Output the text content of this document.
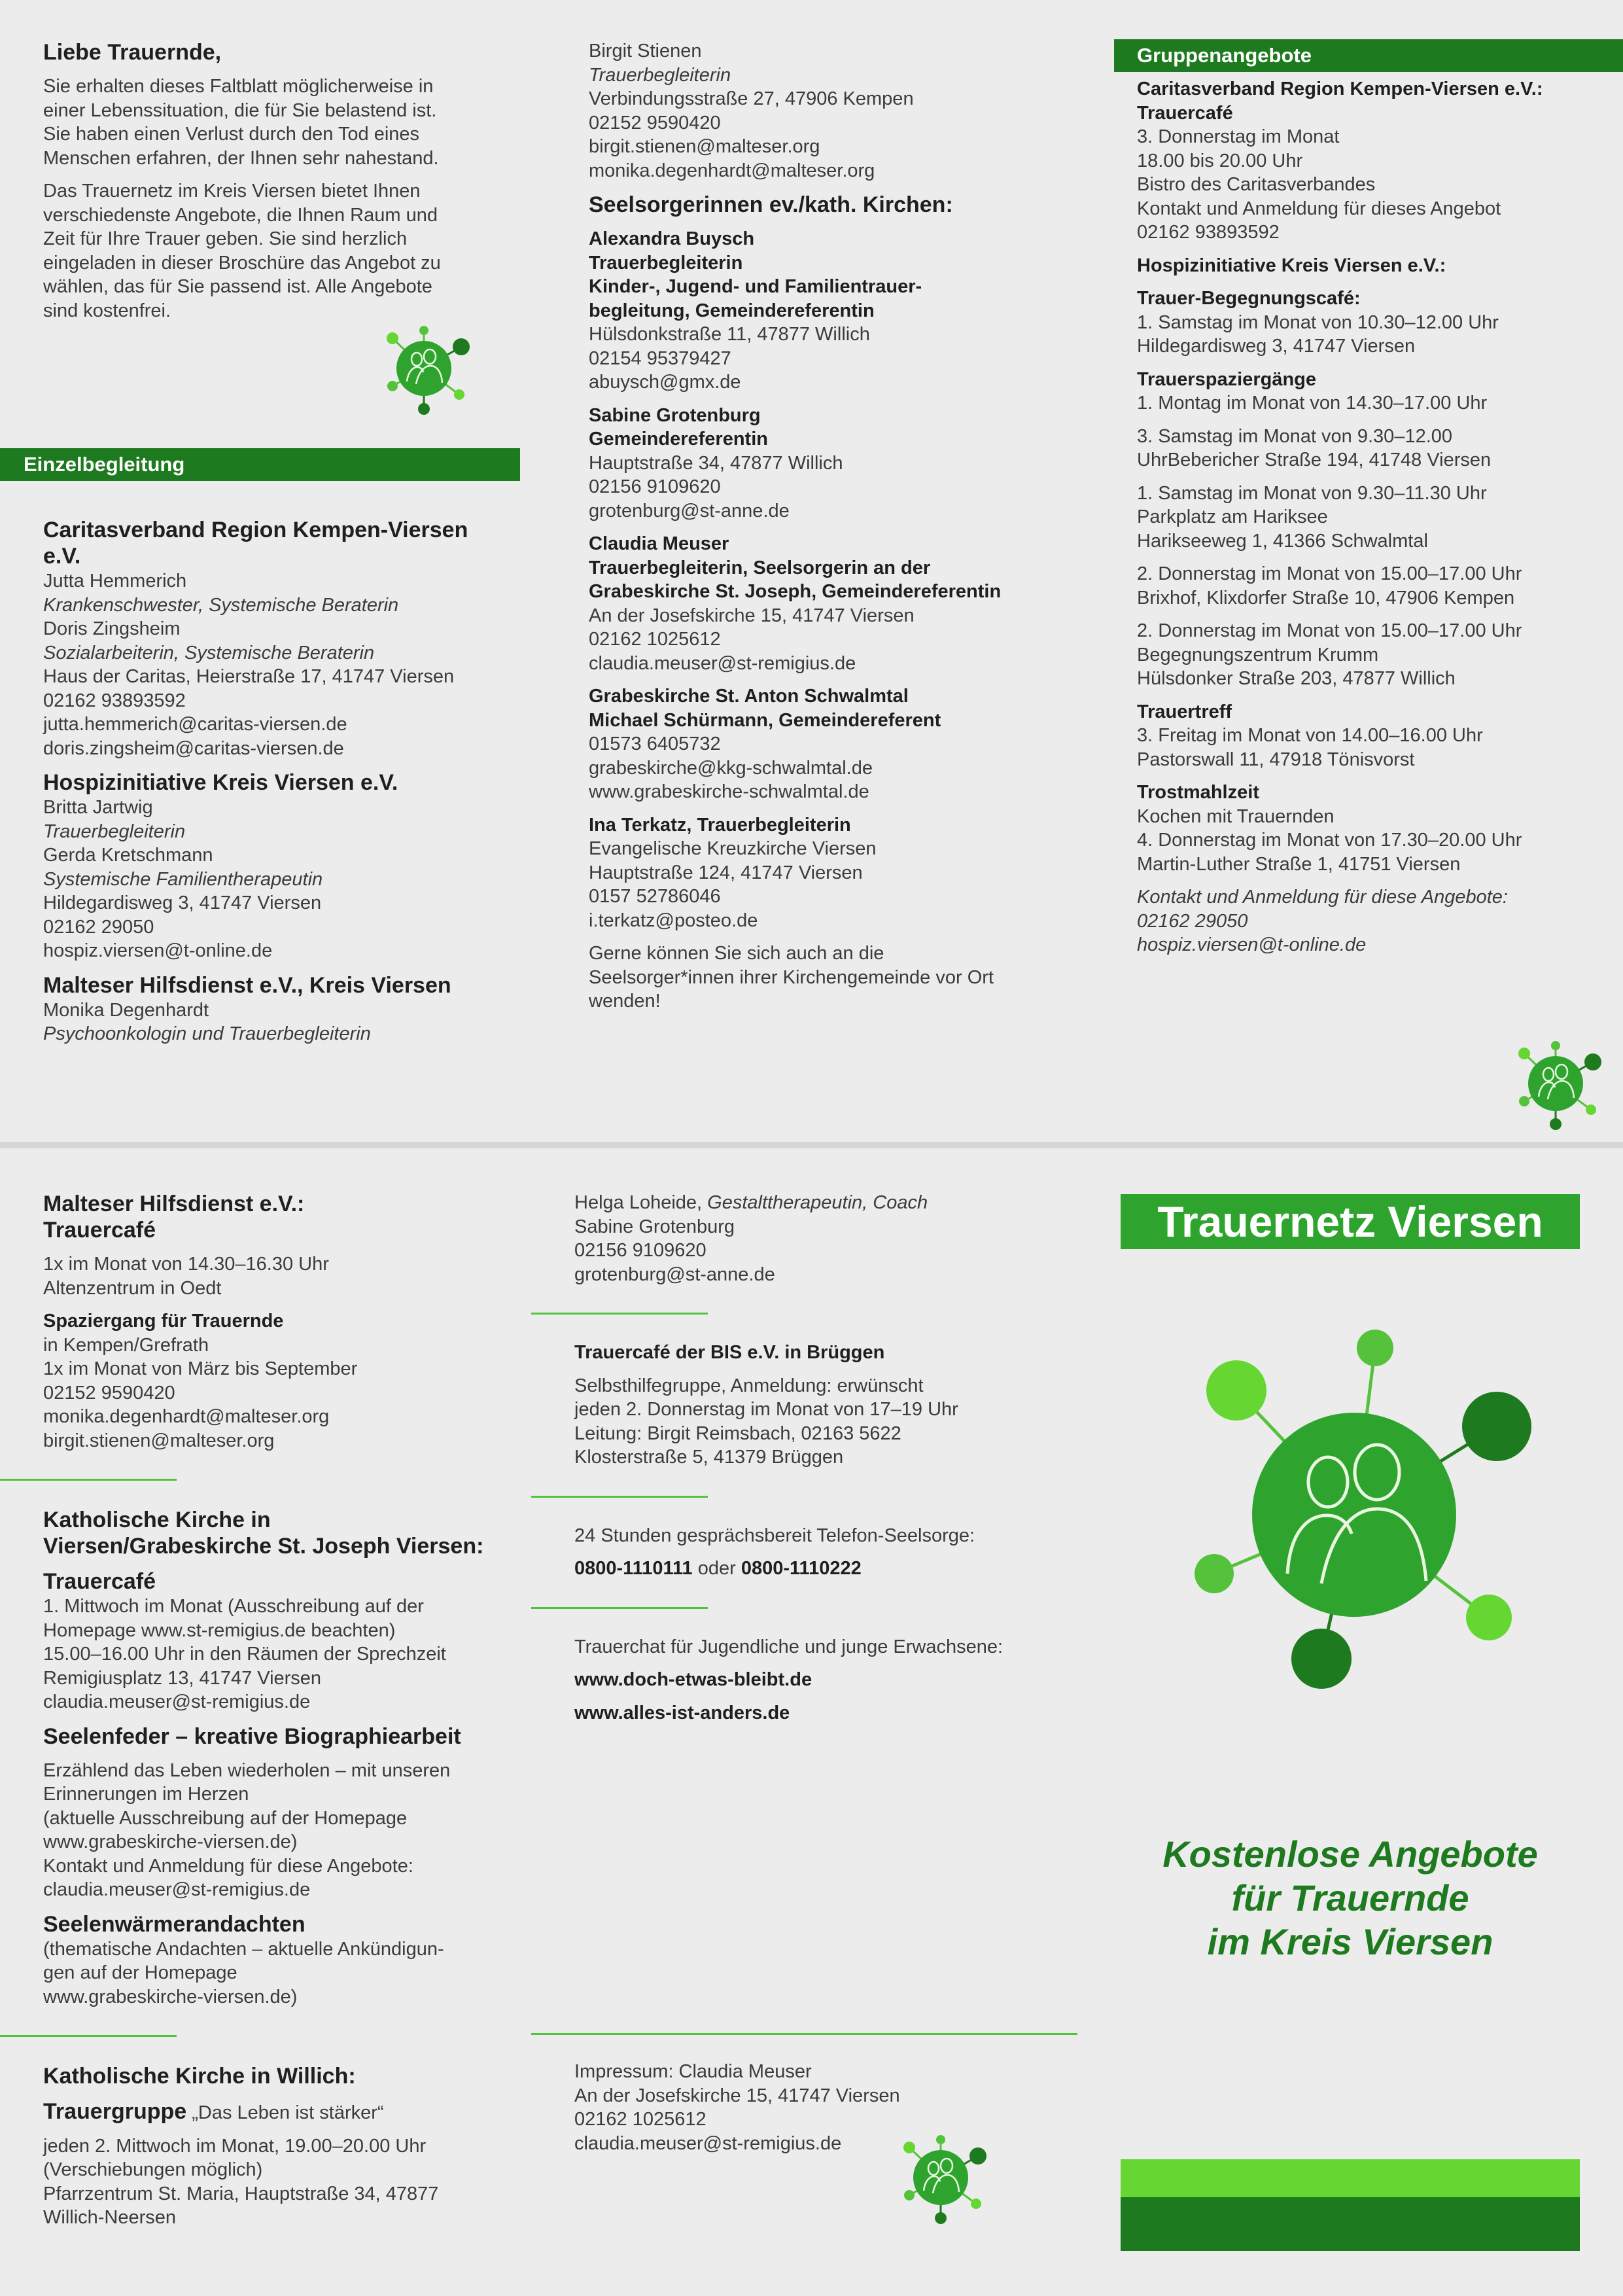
Liebe Trauernde,

Sie erhalten dieses Faltblatt möglicherweise in

einer Lebenssituation, die für Sie belastend ist.

Sie haben einen Verlust durch den Tod eines

Menschen erfahren, der Ihnen sehr nahestand.

Das Trauernetz im Kreis Viersen bietet Ihnen

verschiedenste Angebote, die Ihnen Raum und

Zeit für Ihre Trauer geben. Sie sind herzlich

eingeladen in dieser Broschüre das Angebot zu

wählen, das für Sie passend ist. Alle Angebote

sind kostenfrei.

Einzelbegleitung

Caritasverband Region Kempen-Viersen

e.V.

Jutta Hemmerich

Krankenschwester, Systemische Beraterin

Doris Zingsheim

Sozialarbeiterin, Systemische Beraterin

Haus der Caritas, Heierstraße 17, 41747 Viersen

02162 93893592

jutta.hemmerich@caritas-viersen.de

doris.zingsheim@caritas-viersen.de

Hospizinitiative Kreis Viersen e.V.

Britta Jartwig

Trauerbegleiterin

Gerda Kretschmann

Systemische Familientherapeutin

Hildegardisweg 3, 41747 Viersen

02162 29050

hospiz.viersen@t-online.de

Malteser Hilfsdienst e.V., Kreis Viersen

Monika Degenhardt

Psychoonkologin und Trauerbegleiterin

Birgit Stienen

Trauerbegleiterin

Verbindungsstraße 27, 47906 Kempen

02152 9590420

birgit.stienen@malteser.org

monika.degenhardt@malteser.org

Seelsorgerinnen ev./kath. Kirchen:

Alexandra Buysch

Trauerbegleiterin

Kinder-, Jugend- und Familientrauer-

begleitung, Gemeindereferentin

Hülsdonkstraße 11, 47877 Willich

02154 95379427

abuysch@gmx.de

Sabine Grotenburg

Gemeindereferentin

Hauptstraße 34, 47877 Willich

02156 9109620

grotenburg@st-anne.de

Claudia Meuser

Trauerbegleiterin, Seelsorgerin an der

Grabeskirche St. Joseph, Gemeindereferentin

An der Josefskirche 15, 41747 Viersen

02162 1025612

claudia.meuser@st-remigius.de

Grabeskirche St. Anton Schwalmtal

Michael Schürmann, Gemeindereferent

01573 6405732

grabeskirche@kkg-schwalmtal.de

www.grabeskirche-schwalmtal.de

Ina Terkatz, Trauerbegleiterin

Evangelische Kreuzkirche Viersen

Hauptstraße 124, 41747 Viersen

0157 52786046

i.terkatz@posteo.de

Gerne können Sie sich auch an die

Seelsorger*innen ihrer Kirchengemeinde vor Ort

wenden!

Gruppenangebote

Caritasverband Region Kempen-Viersen e.V.:

Trauercafé

3. Donnerstag im Monat

18.00 bis 20.00 Uhr

Bistro des Caritasverbandes

Kontakt und Anmeldung für dieses Angebot

02162 93893592

Hospizinitiative Kreis Viersen e.V.:

Trauer-Begegnungscafé:

1. Samstag im Monat von 10.30–12.00 Uhr

Hildegardisweg 3, 41747 Viersen

Trauerspaziergänge

1. Montag im Monat von 14.30–17.00 Uhr

3. Samstag im Monat von 9.30–12.00

UhrBebericher Straße 194, 41748 Viersen

1. Samstag im Monat von 9.30–11.30 Uhr

Parkplatz am Hariksee

Harikseeweg 1, 41366 Schwalmtal

2. Donnerstag im Monat von 15.00–17.00 Uhr

Brixhof, Klixdorfer Straße 10, 47906 Kempen

2. Donnerstag im Monat von 15.00–17.00 Uhr

Begegnungszentrum Krumm

Hülsdonker Straße 203, 47877 Willich

Trauertreff

3. Freitag im Monat von 14.00–16.00 Uhr

Pastorswall 11, 47918 Tönisvorst

Trostmahlzeit

Kochen mit Trauernden

4. Donnerstag im Monat von 17.30–20.00 Uhr

Martin-Luther Straße 1, 41751 Viersen

Kontakt und Anmeldung für diese Angebote:

02162 29050

hospiz.viersen@t-online.de

Malteser Hilfsdienst e.V.:

Trauercafé

1x im Monat von 14.30–16.30 Uhr

Altenzentrum in Oedt

Spaziergang für Trauernde

in Kempen/Grefrath

1x im Monat von März bis September

02152 9590420

monika.degenhardt@malteser.org

birgit.stienen@malteser.org

Katholische Kirche in

Viersen/Grabeskirche St. Joseph Viersen:

Trauercafé

1. Mittwoch im Monat (Ausschreibung auf der

Homepage www.st-remigius.de beachten)

15.00–16.00 Uhr in den Räumen der Sprechzeit

Remigiusplatz 13, 41747 Viersen

claudia.meuser@st-remigius.de

Seelenfeder – kreative Biographiearbeit

Erzählend das Leben wiederholen – mit unseren

Erinnerungen im Herzen

(aktuelle Ausschreibung auf der Homepage

www.grabeskirche-viersen.de)

Kontakt und Anmeldung für diese Angebote:

claudia.meuser@st-remigius.de

Seelenwärmerandachten

(thematische Andachten – aktuelle Ankündigun-

gen auf der Homepage

www.grabeskirche-viersen.de)

Katholische Kirche in Willich:

Trauergruppe „Das Leben ist stärker“

jeden 2. Mittwoch im Monat, 19.00–20.00 Uhr

(Verschiebungen möglich)

Pfarrzentrum St. Maria, Hauptstraße 34, 47877

Willich-Neersen

Helga Loheide, Gestalttherapeutin, Coach

Sabine Grotenburg

02156 9109620

grotenburg@st-anne.de

Trauercafé der BIS e.V. in Brüggen

Selbsthilfegruppe, Anmeldung: erwünscht

jeden 2. Donnerstag im Monat von 17–19 Uhr

Leitung: Birgit Reimsbach, 02163 5622

Klosterstraße 5, 41379 Brüggen

24 Stunden gesprächsbereit Telefon-Seelsorge:

0800-1110111 oder 0800-1110222

Trauerchat für Jugendliche und junge Erwachsene:

www.doch-etwas-bleibt.de

www.alles-ist-anders.de

Impressum: Claudia Meuser

An der Josefskirche 15, 41747 Viersen

02162 1025612

claudia.meuser@st-remigius.de

Trauernetz Viersen

Kostenlose Angebote

für Trauernde

im Kreis Viersen
